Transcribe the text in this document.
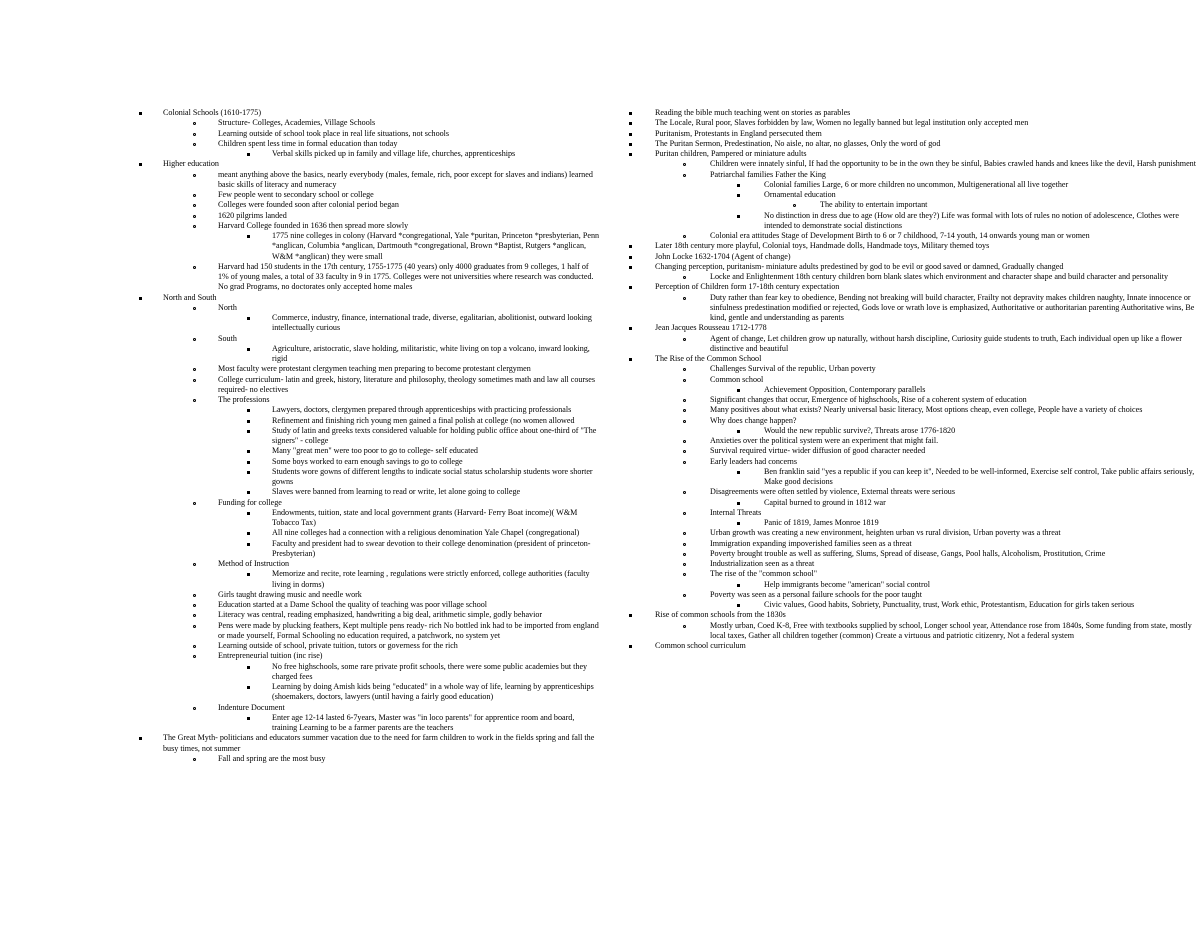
Colonial Schools (1610-1775)
Structure- Colleges, Academies, Village Schools
Learning outside of school took place in real life situations, not schools
Children spent less time in formal education than today
Verbal skills picked up in family and village life, churches, apprenticeships
Higher education
meant anything above the basics, nearly everybody (males, female, rich, poor except for slaves and indians) learned basic skills of literacy and numeracy
Few people went to secondary school or college
Colleges were founded soon after colonial period began
1620 pilgrims landed
Harvard College founded in 1636 then spread more slowly
1775 nine colleges in colony (Harvard *congregational, Yale *puritan, Princeton *presbyterian, Penn *anglican, Columbia *anglican, Dartmouth *congregational, Brown *Baptist, Rutgers *anglican, W&M *anglican) they were small
Harvard had 150 students in the 17th century, 1755-1775 (40 years) only 4000 graduates from 9 colleges, 1 half of 1% of young males, a total of 33 faculty in 9 in 1775. Colleges were not universities where research was conducted. No grad Programs, no doctorates only accepted home males
North and South
North
Commerce, industry, finance, international trade, diverse, egalitarian, abolitionist, outward looking intellectually curious
South
Agriculture, aristocratic, slave holding, militaristic, white living on top a volcano, inward looking, rigid
Most faculty were protestant clergymen teaching men preparing to become protestant clergymen
College curriculum- latin and greek, history, literature and philosophy, theology sometimes math and law all courses required- no electives
The professions
Lawyers, doctors, clergymen prepared through apprenticeships with practicing professionals
Refinement and finishing rich young men gained a final polish at college (no women allowed
Study of latin and greeks texts considered valuable for holding public office about one-third of "The signers" - college
Many "great men" were too poor to go to college- self educated
Some boys worked to earn enough savings to go to college
Students wore gowns of different lengths to indicate social status scholarship students wore shorter gowns
Slaves were banned from learning to read or write, let alone going to college
Funding for college
Endowments, tuition, state and local government grants (Harvard- Ferry Boat income)( W&M Tobacco Tax)
All nine colleges had a connection with a religious denomination Yale Chapel (congregational)
Faculty and president had to swear devotion to their college denomination (president of princeton- Presbyterian)
Method of Instruction
Memorize and recite, rote learning , regulations were strictly enforced, college authorities (faculty living in dorms)
Girls taught drawing music and needle work
Education started at a Dame School the quality of teaching was poor village school
Literacy was central, reading emphasized, handwriting a big deal, arithmetic simple, godly behavior
Pens were made by plucking feathers, Kept multiple pens ready- rich No bottled ink had to be imported from england or made yourself, Formal Schooling no education required, a patchwork, no system yet
Learning outside of school, private tuition, tutors or governess for the rich
Entrepreneurial tuition (inc rise)
No free highschools, some rare private profit schools, there were some public academies but they charged fees
Learning by doing Amish kids being "educated" in a whole way of life, learning by apprenticeships (shoemakers, doctors, lawyers (until having a fairly good education)
Indenture Document
Enter age 12-14 lasted 6-7years, Master was "in loco parents" for apprentice room and board, training Learning to be a farmer parents are the teachers
The Great Myth- politicians and educators summer vacation due to the need for farm children to work in the fields spring and fall the busy times, not summer
Fall and spring are the most busy
Reading the bible much teaching went on stories as parables
The Locale, Rural poor, Slaves forbidden by law, Women no legally banned but legal institution only accepted men
Puritanism, Protestants in England persecuted them
The Puritan Sermon, Predestination, No aisle, no altar, no glasses, Only the word of god
Puritan children, Pampered or miniature adults
Children were innately sinful, If had the opportunity to be in the own they be sinful, Babies crawled hands and knees like the devil, Harsh punishment
Patriarchal families Father the King
Colonial families Large, 6 or more children no uncommon, Multigenerational all live together
Ornamental education
The ability to entertain important
No distinction in dress due to age (How old are they?) Life was formal with lots of rules no notion of adolescence, Clothes were intended to demonstrate social distinctions
Colonial era attitudes Stage of Development Birth to 6 or 7 childhood, 7-14 youth, 14 onwards young man or women
Later 18th century more playful, Colonial toys, Handmade dolls, Handmade toys, Military themed toys
John Locke 1632-1704 (Agent of change)
Changing perception, puritanism- miniature adults predestined by god to be evil or good saved or damned, Gradually changed
Locke and Enlightenment 18th century children born blank slates which environment and character shape and build character and personality
Perception of Children form 17-18th century expectation
Duty rather than fear key to obedience, Bending not breaking will build character, Frailty not depravity makes children naughty, Innate innocence or sinfulness predestination modified or rejected, Gods love or wrath love is emphasized, Authoritative or authoritarian parenting Authoritative wins, Be kind, gentle and understanding as parents
Jean Jacques Rousseau 1712-1778
Agent of change, Let children grow up naturally, without harsh discipline, Curiosity guide students to truth, Each individual open up like a flower distinctive and beautiful
The Rise of the Common School
Challenges Survival of the republic, Urban poverty
Common school
Achievement Opposition, Contemporary parallels
Significant changes that occur, Emergence of highschools, Rise of a coherent system of education
Many positives about what exists? Nearly universal basic literacy, Most options cheap, even college, People have a variety of choices
Why does change happen?
Would the new republic survive?, Threats arose 1776-1820
Anxieties over the political system were an experiment that might fail.
Survival required virtue- wider diffusion of good character needed
Early leaders had concerns
Ben franklin said "yes a republic if you can keep it", Needed to be well-informed, Exercise self control, Take public affairs seriously, Make good decisions
Disagreements were often settled by violence, External threats were serious
Capital burned to ground in 1812 war
Internal Threats
Panic of 1819, James Monroe 1819
Urban growth was creating a new environment, heighten urban vs rural division, Urban poverty was a threat
Immigration expanding impoverished families seen as a threat
Poverty brought trouble as well as suffering, Slums, Spread of disease, Gangs, Pool halls, Alcoholism, Prostitution, Crime
Industrialization seen as a threat
The rise of the "common school"
Help immigrants become "american" social control
Poverty was seen as a personal failure schools for the poor taught
Civic values, Good habits, Sobriety, Punctuality, trust, Work ethic, Protestantism, Education for girls taken serious
Rise of common schools from the 1830s
Mostly urban, Coed K-8, Free with textbooks supplied by school, Longer school year, Attendance rose from 1840s, Some funding from state, mostly local taxes, Gather all children together (common) Create a virtuous and patriotic citizenry, Not a federal system
Common school curriculum
